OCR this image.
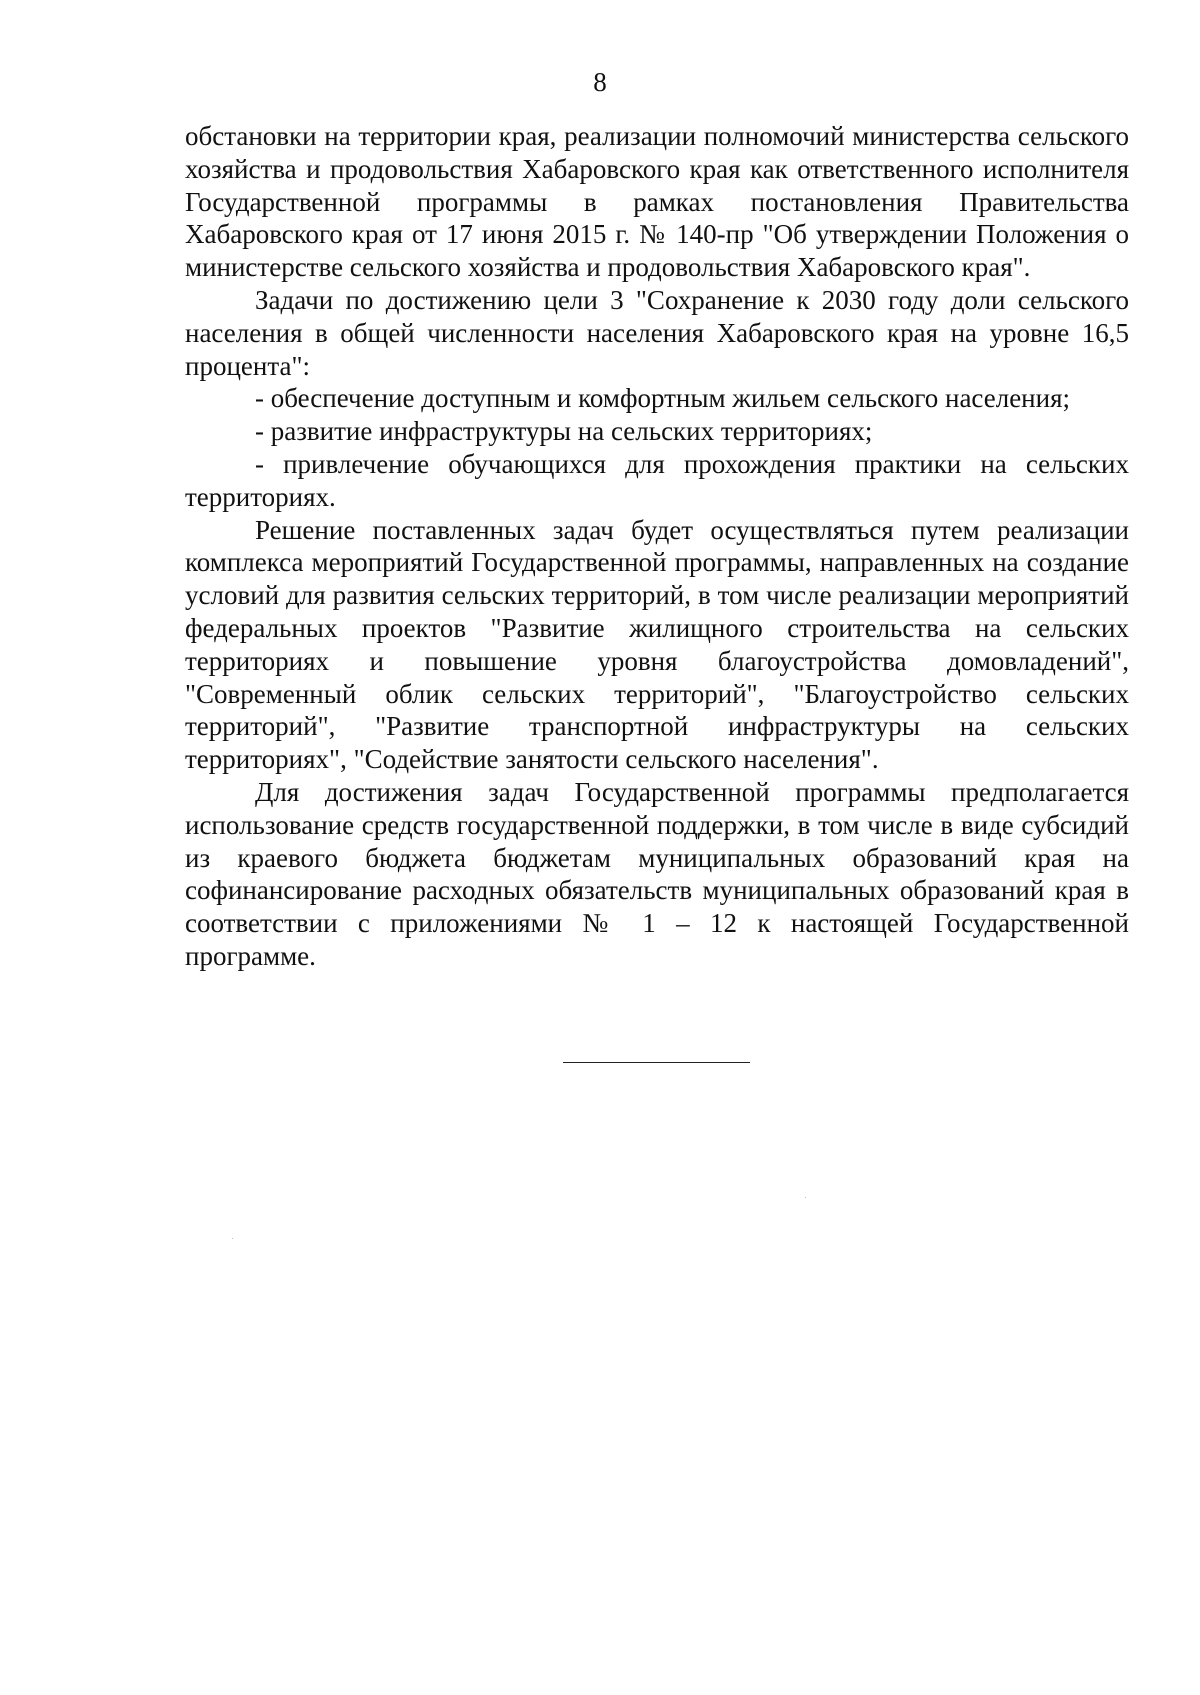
8

обстановки на территории края, реализации полномочий министерства сельского хозяйства и продовольствия Хабаровского края как ответственного исполнителя Государственной программы в рамках постановления Правительства Хабаровского края от 17 июня 2015 г. № 140-пр "Об утверждении Положения о министерстве сельского хозяйства и продовольствия Хабаровского края".

Задачи по достижению цели 3 "Сохранение к 2030 году доли сельского населения в общей численности населения Хабаровского края на уровне 16,5 процента":

- обеспечение доступным и комфортным жильем сельского населения;

- развитие инфраструктуры на сельских территориях;

- привлечение обучающихся для прохождения практики на сельских территориях.

Решение поставленных задач будет осуществляться путем реализации комплекса мероприятий Государственной программы, направленных на создание условий для развития сельских территорий, в том числе реализации мероприятий федеральных проектов "Развитие жилищного строительства на сельских территориях и повышение уровня благоустройства домовладений", "Современный облик сельских территорий", "Благоустройство сельских территорий", "Развитие транспортной инфраструктуры на сельских территориях", "Содействие занятости сельского населения".

Для достижения задач Государственной программы предполагается использование средств государственной поддержки, в том числе в виде субсидий из краевого бюджета бюджетам муниципальных образований края на софинансирование расходных обязательств муниципальных образований края в соответствии с приложениями № 1 – 12 к настоящей Государственной программе.
